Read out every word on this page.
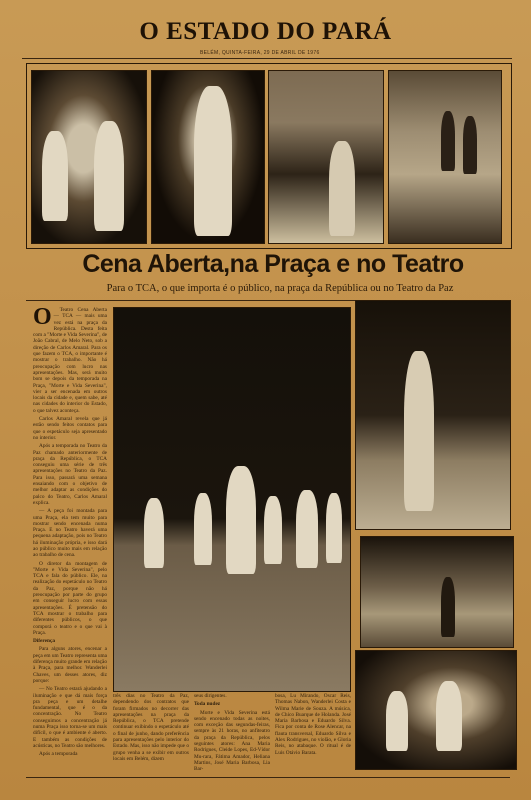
O ESTADO DO PARÁ
BELÉM, QUINTA-FEIRA, 29 DE ABRIL DE 1976
Cena Aberta,na Praça e no Teatro
Para o TCA, o que importa é o público, na praça da República ou no Teatro da Paz
O	Teatro Cena Aberta — TCA — mais uma vez está na praça da República. Desta feita com a "Morte e Vida Severina", de João Cabral, de Melo Neto, sob a direção de Carlos Amaral. Para os que fazem o TCA, o importante é mostrar o trabalho. Não há preocupação com lucro nas apresentações. Mas, será muito bom se depois da temporada na Praça, "Morte e Vida Severina", vier a ser encenada em outros locais da cidade e, quem sabe, até nas cidades do interior do Estado, o que talvez aconteça.

Carlos Amaral revela que já estão sendo feitos contatos para que o espetáculo seja apresentado no interior.

Após a temporada no Teatro da Paz chamado anteriormente de praça da República, o TCA conseguiu uma série de três apresentações no Teatro da Paz. Para isso, passará uma semana ensaiando com o objetivo de melhor adaptar as condições do palco do Teatro, Carlos Amaral explica.

— A peça foi montada para uma Praça, ela tem muito para mostrar sendo encenada numa Praça. E no Teatro haverá uma pequena adaptação, pois no Teatro há iluminação própria, e isso dará ao público muito mais em relação ao trabalho de cena.

O diretor da montagem de "Morte e Vida Severina", pelo TCA e fala do público. Ele, na realização do espetáculo no Teatro da Paz, porque não há preocupação por parte do grupo em conseguir lucro com essas apresentações. É pretensão do TCA mostrar o trabalho para diferentes públicos, o que comporá o teatro e o que vai à Praça.

Diferença

Para alguns atores, encenar a peça em um Teatro representa uma diferença muito grande em relação à Praça, para melhor. Wanderlei Chaves, um desses atores, diz porque:

— No Teatro estará ajudando a iluminação e que dá mais força pra peça e um detalhe fundamental, que é o da concentração. No Teatro conseguimos a concentração já numa Praça isso torna-se um mais difícil, o que é ambiente é aberto. E também as condições de acústicas, no Teatro são melhores.

Após a temporada

três dias no Teatro da Paz, dependendo dos contratos que foram firmados no decorrer das apresentações na praça da República, o TCA pretende continuar exibindo o espetáculo até o final de junho, dando preferência para apresentações pelo interior do Estado. Mas, isso não impede que o grupo venha a se exibir em outros locais em Belém, dizem

seus dirigentes.

Toda nudez

Morte e Vida Severina está sendo encenado todas as noites, com exceção das segundas-feiras, sempre às 21 horas, no anfiteatro da praça da República, pelos seguintes atores: Ana Maria Rodrigues, Cleide Lopes, Ed-Vídor Mu-rara, Fátima Amador, Heliana Martins, José Maria Barbosa, Lia Bar-

bosa, Lu Mirando, Oscar Reis, Thomas Nabon, Wanderlei Costa e Wilma Marie de Souza. A música, de Chico Buarque de Holanda. José Maria Barbosa e Eduardo Silva. Fica por conta de Rose Alencar, na flauta transversal, Eduardo Silva e Alex Rodrigues, no violão, e Gloria Reis, no atabaque. O ritual é de Luis Otávio Barata.
